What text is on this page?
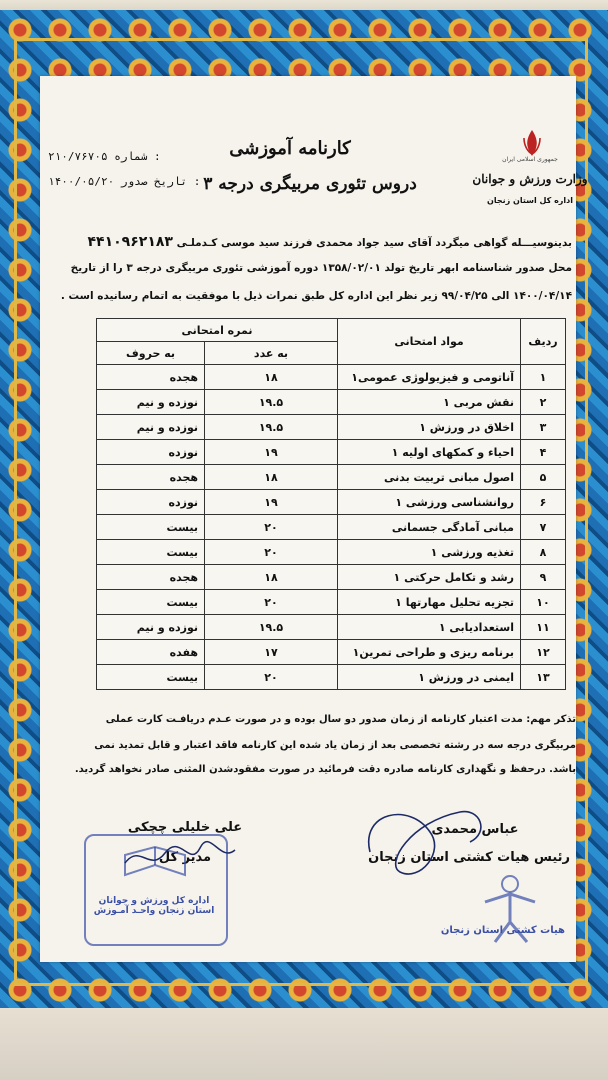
کارنامه آموزشی
دروس تئوری مربیگری درجه ۳
جمهوری اسلامی ایران
وزارت ورزش و جوانان
اداره کل استان زنجان
۲۱۰/۷۶۷۰۵ شماره :
۱۴۰۰/۰۵/۲۰ تاریخ صدور :
بدینوسیـــله گواهی میگردد آقای سید جواد محمدی فرزند سید موسی کـدملـی ۴۴۱۰۹۶۲۱۸۳
محل صدور شناسنامه ابهر تاریخ تولد ۱۳۵۸/۰۲/۰۱ دوره آموزشی تئوری مربیگری درجه ۳ را از تاریخ
۱۴۰۰/۰۴/۱۴ الی ۹۹/۰۴/۲۵ زیر نظر این اداره کل طبق نمرات ذیل با موفقیت به اتمام رسانیده است .
ردیف	مواد امتحانی	نمره امتحانی	
		به عدد	به حروف
۱	آناتومی و فیزیولوژی عمومی۱	۱۸	هجده
۲	نقش مربی ۱	۱۹.۵	نوزده و نیم
۳	اخلاق در ورزش ۱	۱۹.۵	نوزده و نیم
۴	احیاء و کمکهای اولیه ۱	۱۹	نوزده
۵	اصول مبانی تربیت بدنی	۱۸	هجده
۶	روانشناسی ورزشی ۱	۱۹	نوزده
۷	مبانی آمادگی جسمانی	۲۰	بیست
۸	تغذیه ورزشی ۱	۲۰	بیست
۹	رشد و تکامل حرکتی ۱	۱۸	هجده
۱۰	تجزیه تحلیل مهارتها ۱	۲۰	بیست
۱۱	استعدادیابی ۱	۱۹.۵	نوزده و نیم
۱۲	برنامه ریزی و طراحی تمرین۱	۱۷	هفده
۱۳	ایمنی در ورزش ۱	۲۰	بیست
تذکر مهم: مدت اعتبار کارنامه از زمان صدور دو سال بوده و در صورت عـدم دریافـت کارت عملی
مربیگری درجه سه در رشته تخصصی بعد از زمان یاد شده این کارنامه فاقد اعتبار و قابل تمدید نمی
باشد. درحفظ و نگهداری کارنامه صادره دقت فرمائید در صورت مفقودشدن المثنی صادر نخواهد گردید.
علی خلیلی چچکی
مدیر کل
اداره کل ورزش و جوانان استان زنجان واحـد آمـوزش
عباس محمدی
رئیس هیات کشتی استان زنجان
هیات کشتی استان زنجان
